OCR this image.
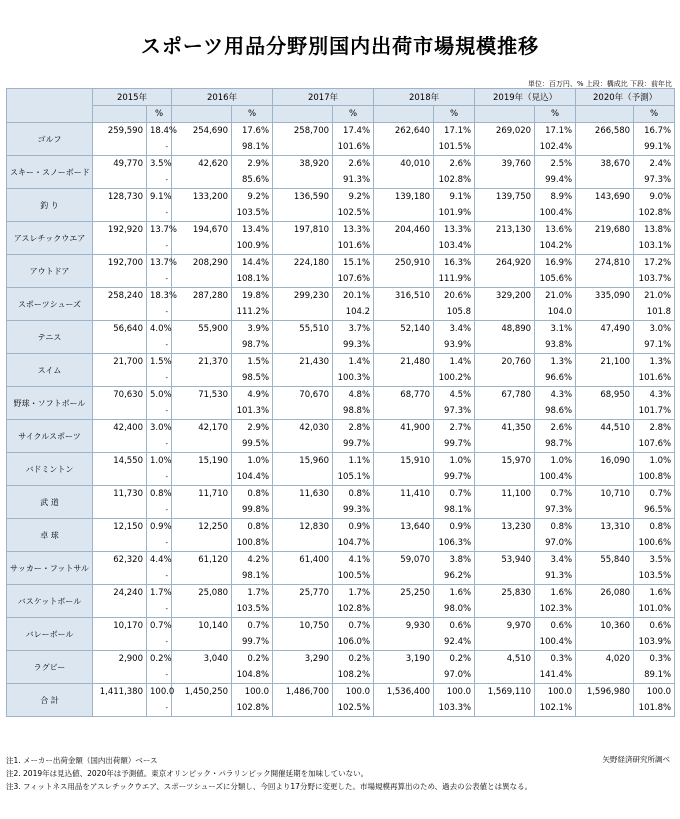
スポーツ用品分野別国内出荷市場規模推移
単位：百万円、% 上段：構成比 下段：前年比
	2015年		2016年		2017年		2018年		2019年（見込）		2020年（予測）	
		%		%		%		%		%		%
ゴルフ	259,590	18.4%	254,690	17.6%	258,700	17.4%	262,640	17.1%	269,020	17.1%	266,580	16.7%
		-		98.1%		101.6%		101.5%		102.4%		99.1%
スキー・スノーボード	49,770	3.5%	42,620	2.9%	38,920	2.6%	40,010	2.6%	39,760	2.5%	38,670	2.4%
		-		85.6%		91.3%		102.8%		99.4%		97.3%
釣 り	128,730	9.1%	133,200	9.2%	136,590	9.2%	139,180	9.1%	139,750	8.9%	143,690	9.0%
		-		103.5%		102.5%		101.9%		100.4%		102.8%
アスレチックウエア	192,920	13.7%	194,670	13.4%	197,810	13.3%	204,460	13.3%	213,130	13.6%	219,680	13.8%
		-		100.9%		101.6%		103.4%		104.2%		103.1%
アウトドア	192,700	13.7%	208,290	14.4%	224,180	15.1%	250,910	16.3%	264,920	16.9%	274,810	17.2%
		-		108.1%		107.6%		111.9%		105.6%		103.7%
スポーツシューズ	258,240	18.3%	287,280	19.8%	299,230	20.1%	316,510	20.6%	329,200	21.0%	335,090	21.0%
		-		111.2%		104.2		105.8		104.0		101.8
テニス	56,640	4.0%	55,900	3.9%	55,510	3.7%	52,140	3.4%	48,890	3.1%	47,490	3.0%
		-		98.7%		99.3%		93.9%		93.8%		97.1%
スイム	21,700	1.5%	21,370	1.5%	21,430	1.4%	21,480	1.4%	20,760	1.3%	21,100	1.3%
		-		98.5%		100.3%		100.2%		96.6%		101.6%
野球・ソフトボール	70,630	5.0%	71,530	4.9%	70,670	4.8%	68,770	4.5%	67,780	4.3%	68,950	4.3%
		-		101.3%		98.8%		97.3%		98.6%		101.7%
サイクルスポーツ	42,400	3.0%	42,170	2.9%	42,030	2.8%	41,900	2.7%	41,350	2.6%	44,510	2.8%
		-		99.5%		99.7%		99.7%		98.7%		107.6%
バドミントン	14,550	1.0%	15,190	1.0%	15,960	1.1%	15,910	1.0%	15,970	1.0%	16,090	1.0%
		-		104.4%		105.1%		99.7%		100.4%		100.8%
武 道	11,730	0.8%	11,710	0.8%	11,630	0.8%	11,410	0.7%	11,100	0.7%	10,710	0.7%
		-		99.8%		99.3%		98.1%		97.3%		96.5%
卓 球	12,150	0.9%	12,250	0.8%	12,830	0.9%	13,640	0.9%	13,230	0.8%	13,310	0.8%
		-		100.8%		104.7%		106.3%		97.0%		100.6%
サッカー・フットサル	62,320	4.4%	61,120	4.2%	61,400	4.1%	59,070	3.8%	53,940	3.4%	55,840	3.5%
		-		98.1%		100.5%		96.2%		91.3%		103.5%
バスケットボール	24,240	1.7%	25,080	1.7%	25,770	1.7%	25,250	1.6%	25,830	1.6%	26,080	1.6%
		-		103.5%		102.8%		98.0%		102.3%		101.0%
バレーボール	10,170	0.7%	10,140	0.7%	10,750	0.7%	9,930	0.6%	9,970	0.6%	10,360	0.6%
		-		99.7%		106.0%		92.4%		100.4%		103.9%
ラグビー	2,900	0.2%	3,040	0.2%	3,290	0.2%	3,190	0.2%	4,510	0.3%	4,020	0.3%
		-		104.8%		108.2%		97.0%		141.4%		89.1%
合 計	1,411,380	100.0	1,450,250	100.0	1,486,700	100.0	1,536,400	100.0	1,569,110	100.0	1,596,980	100.0
		-		102.8%		102.5%		103.3%		102.1%		101.8%
注1. メーカー出荷金額（国内出荷額）ベース
注2. 2019年は見込値、2020年は予測値。東京オリンピック・パラリンピック開催延期を加味していない。
注3. フィットネス用品をアスレチックウエア、スポーツシューズに分類し、今回より17分野に変更した。市場規模再算出のため、過去の公表値とは異なる。
矢野経済研究所調べ
